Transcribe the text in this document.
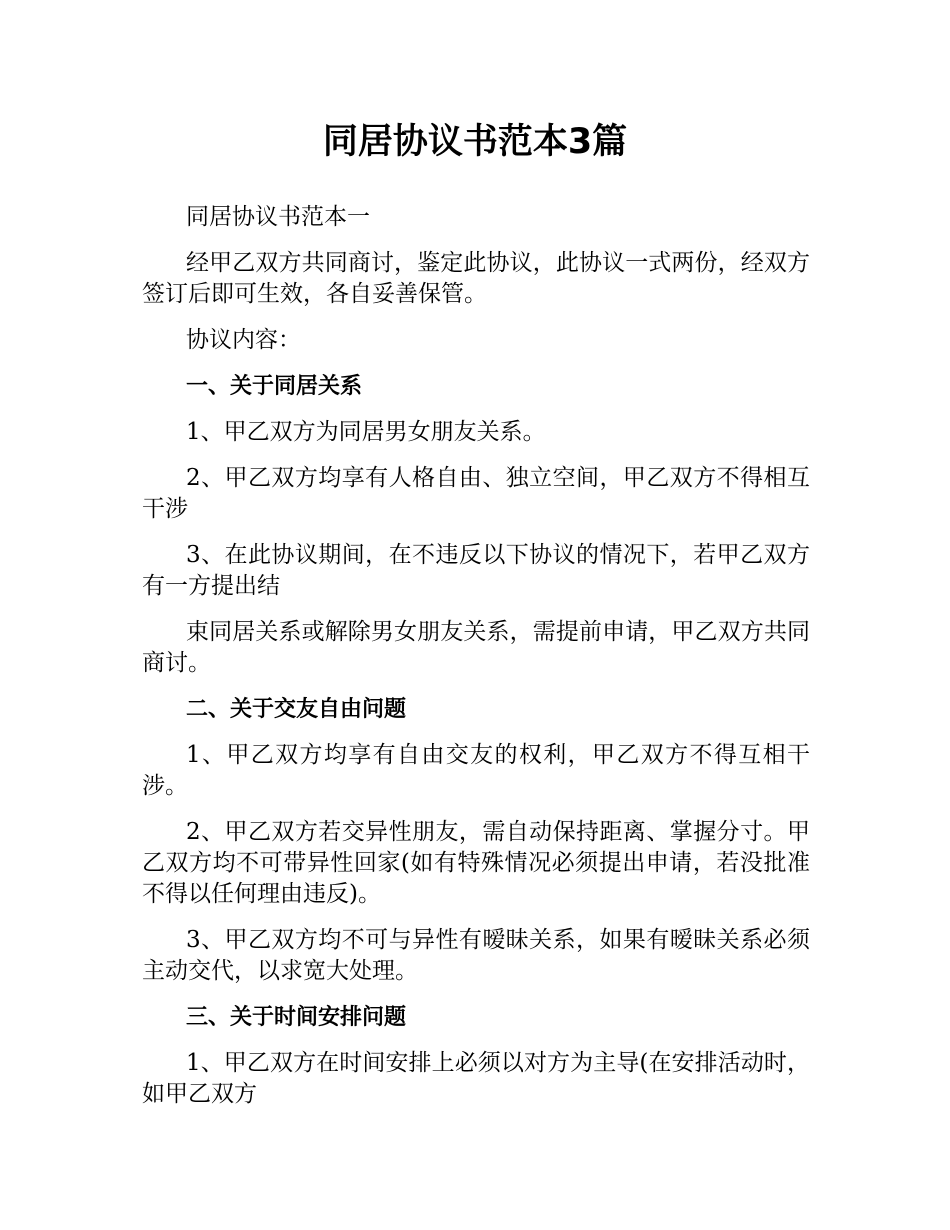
同居协议书范本3篇

同居协议书范本一

经甲乙双方共同商讨，鉴定此协议，此协议一式两份，经双方签订后即可生效，各自妥善保管。

协议内容：

一、关于同居关系

1、甲乙双方为同居男女朋友关系。

2、甲乙双方均享有人格自由、独立空间，甲乙双方不得相互干涉

3、在此协议期间，在不违反以下协议的情况下，若甲乙双方有一方提出结

束同居关系或解除男女朋友关系，需提前申请，甲乙双方共同商讨。

二、关于交友自由问题

1、甲乙双方均享有自由交友的权利，甲乙双方不得互相干涉。

2、甲乙双方若交异性朋友，需自动保持距离、掌握分寸。甲乙双方均不可带异性回家(如有特殊情况必须提出申请，若没批准不得以任何理由违反)。

3、甲乙双方均不可与异性有暧昧关系，如果有暧昧关系必须主动交代，以求宽大处理。

三、关于时间安排问题

1、甲乙双方在时间安排上必须以对方为主导(在安排活动时，如甲乙双方
